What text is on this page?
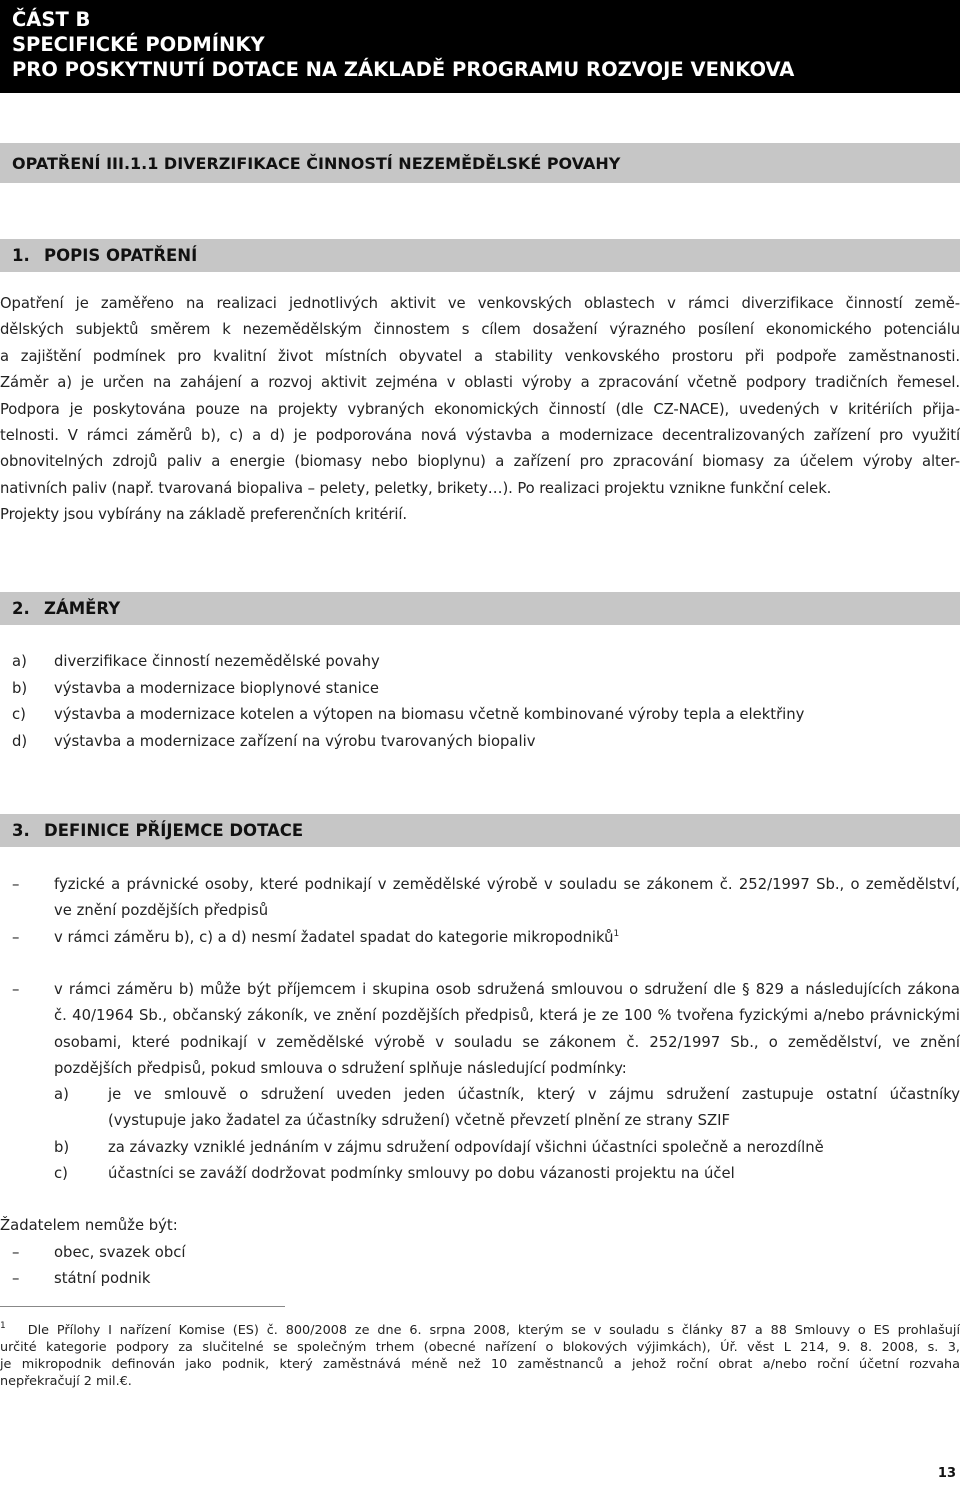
ČÁST B
SPECIFICKÉ PODMÍNKY
PRO POSKYTNUTÍ DOTACE NA ZÁKLADĚ PROGRAMU ROZVOJE VENKOVA
OPATŘENÍ III.1.1 DIVERZIFIKACE ČINNOSTÍ NEZEMĚDĚLSKÉ POVAHY
1. POPIS OPATŘENÍ
Opatření je zaměřeno na realizaci jednotlivých aktivit ve venkovských oblastech v rámci diverzifikace činností země-
dělských subjektů směrem k nezemědělským činnostem s cílem dosažení výrazného posílení ekonomického potenciálu
a zajištění podmínek pro kvalitní život místních obyvatel a stability venkovského prostoru při podpoře zaměstnanosti.
Záměr a) je určen na zahájení a rozvoj aktivit zejména v oblasti výroby a zpracování včetně podpory tradičních řemesel.
Podpora je poskytována pouze na projekty vybraných ekonomických činností (dle CZ-NACE), uvedených v kritériích přija-
telnosti. V rámci záměrů b), c) a d) je podporována nová výstavba a modernizace decentralizovaných zařízení pro využití
obnovitelných zdrojů paliv a energie (biomasy nebo bioplynu) a zařízení pro zpracování biomasy za účelem výroby alter-
nativních paliv (např. tvarovaná biopaliva – pelety, peletky, brikety…). Po realizaci projektu vznikne funkční celek.
Projekty jsou vybírány na základě preferenčních kritérií.
2. ZÁMĚRY
a) diverzifikace činností nezemědělské povahy
b) výstavba a modernizace bioplynové stanice
c) výstavba a modernizace kotelen a výtopen na biomasu včetně kombinované výroby tepla a elektřiny
d) výstavba a modernizace zařízení na výrobu tvarovaných biopaliv
3. DEFINICE PŘÍJEMCE DOTACE
– fyzické a právnické osoby, které podnikají v zemědělské výrobě v souladu se zákonem č. 252/1997 Sb., o zemědělství,
ve znění pozdějších předpisů
– v rámci záměru b), c) a d) nesmí žadatel spadat do kategorie mikropodniků$^1$
– v rámci záměru b) může být příjemcem i skupina osob sdružená smlouvou o sdružení dle § 829 a následujících zákona
č. 40/1964 Sb., občanský zákoník, ve znění pozdějších předpisů, která je ze 100 % tvořena fyzickými a/nebo právnickými
osobami, které podnikají v zemědělské výrobě v souladu se zákonem č. 252/1997 Sb., o zemědělství, ve znění
pozdějších předpisů, pokud smlouva o sdružení splňuje následující podmínky:
a)	je ve smlouvě o sdružení uveden jeden účastník, který v zájmu sdružení zastupuje ostatní účastníky
(vystupuje jako žadatel za účastníky sdružení) včetně převzetí plnění ze strany SZIF
b)	za závazky vzniklé jednáním v zájmu sdružení odpovídají všichni účastníci společně a nerozdílně
c)	účastníci se zaváží dodržovat podmínky smlouvy po dobu vázanosti projektu na účel
Žadatelem nemůže být:
– obec, svazek obcí
– státní podnik
$^1$ Dle Přílohy I nařízení Komise (ES) č. 800/2008 ze dne 6. srpna 2008, kterým se v souladu s články 87 a 88 Smlouvy o ES prohlašují
určité kategorie podpory za slučitelné se společným trhem (obecné nařízení o blokových výjimkách), Úř. věst L 214, 9. 8. 2008, s. 3,
je mikropodnik definován jako podnik, který zaměstnává méně než 10 zaměstnanců a jehož roční obrat a/nebo roční účetní rozvaha
nepřekračují 2 mil.€.
13
